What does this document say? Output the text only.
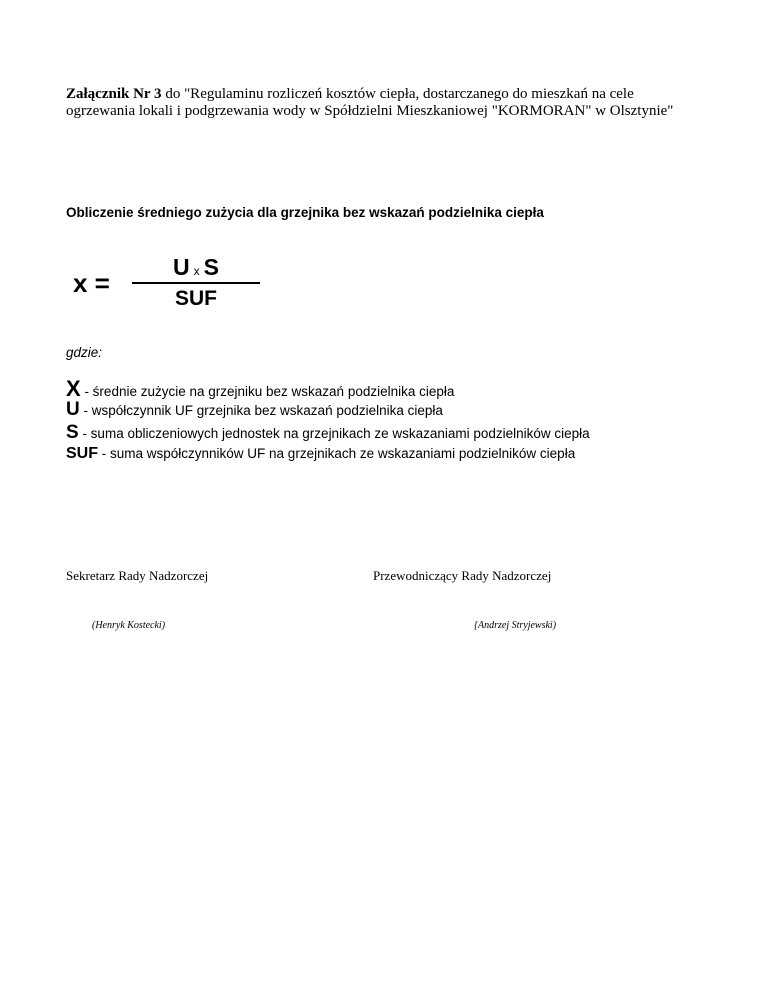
Załącznik Nr 3 do "Regulaminu rozliczeń kosztów ciepła, dostarczanego do mieszkań na cele ogrzewania lokali i podgrzewania wody w Spółdzielni Mieszkaniowej "KORMORAN" w Olsztynie"
Obliczenie średniego zużycia dla grzejnika bez wskazań podzielnika ciepła
x =
Ux S
SUF
gdzie:
X - średnie zużycie na grzejniku bez wskazań podzielnika ciepła
U - współczynnik UF grzejnika bez wskazań podzielnika ciepła
S - suma obliczeniowych jednostek na grzejnikach ze wskazaniami podzielników ciepła
SUF - suma współczynników UF na grzejnikach ze wskazaniami podzielników ciepła
Sekretarz Rady Nadzorczej
(Henryk Kostecki)
Przewodniczący Rady Nadzorczej
{Andrzej Stryjewski)
